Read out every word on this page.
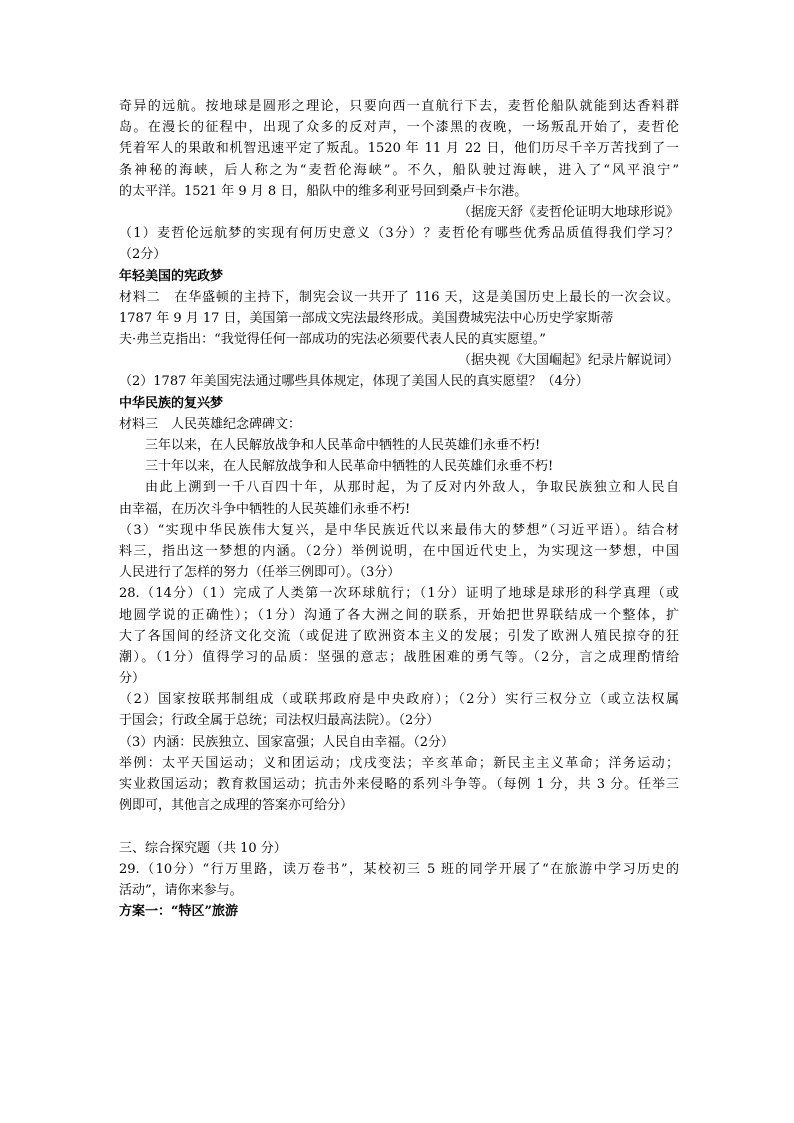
奇异的远航。按地球是圆形之理论，只要向西一直航行下去，麦哲伦船队就能到达香料群
岛。在漫长的征程中，出现了众多的反对声，一个漆黑的夜晚，一场叛乱开始了，麦哲伦
凭着军人的果敢和机智迅速平定了叛乱。1520 年 11 月 22 日，他们历尽千辛万苦找到了一
条神秘的海峡，后人称之为“麦哲伦海峡”。不久，船队驶过海峡，进入了“风平浪宁”
的太平洋。1521 年 9 月 8 日，船队中的维多利亚号回到桑卢卡尔港。
（据庞天舒《麦哲伦证明大地球形说》
（1）麦哲伦远航梦的实现有何历史意义（3分）？麦哲伦有哪些优秀品质值得我们学习？
（2分）
年轻美国的宪政梦
材料二　在华盛顿的主持下，制宪会议一共开了 116 天，这是美国历史上最长的一次会议。
1787 年 9 月 17 日，美国第一部成文宪法最终形成。美国费城宪法中心历史学家斯蒂
夫·弗兰克指出：“我觉得任何一部成功的宪法必须要代表人民的真实愿望。”
（据央视《大国崛起》纪录片解说词）
（2）1787 年美国宪法通过哪些具体规定，体现了美国人民的真实愿望？（4分）
中华民族的复兴梦
材料三　人民英雄纪念碑碑文：
三年以来，在人民解放战争和人民革命中牺牲的人民英雄们永垂不朽!
三十年以来，在人民解放战争和人民革命中牺牲的人民英雄们永垂不朽!
由此上溯到一千八百四十年，从那时起，为了反对内外敌人，争取民族独立和人民自
由幸福，在历次斗争中牺牲的人民英雄们永垂不朽!
（3）“实现中华民族伟大复兴，是中华民族近代以来最伟大的梦想”（习近平语）。结合材
料三，指出这一梦想的内涵。（2分）举例说明，在中国近代史上，为实现这一梦想，中国
人民进行了怎样的努力（任举三例即可）。（3分）
28.（14分）（1）完成了人类第一次环球航行；（1分）证明了地球是球形的科学真理（或
地圆学说的正确性）；（1分）沟通了各大洲之间的联系，开始把世界联结成一个整体，扩
大了各国间的经济文化交流（或促进了欧洲资本主义的发展；引发了欧洲人殖民掠夺的狂
潮）。（1分）值得学习的品质：坚强的意志；战胜困难的勇气等。（2分，言之成理酌情给
分）
（2）国家按联邦制组成（或联邦政府是中央政府）；（2分）实行三权分立（或立法权属
于国会；行政全属于总统；司法权归最高法院）。（2分）
（3）内涵：民族独立、国家富强；人民自由幸福。（2分）
举例：太平天国运动；义和团运动；戊戌变法；辛亥革命；新民主主义革命；洋务运动；
实业救国运动；教育救国运动；抗击外来侵略的系列斗争等。（每例 1 分，共 3 分。任举三
例即可，其他言之成理的答案亦可给分）
三、综合探究题（共 10 分）
29.（10分）“行万里路，读万卷书”，某校初三 5 班的同学开展了“在旅游中学习历史的
活动”，请你来参与。
方案一：“特区”旅游
